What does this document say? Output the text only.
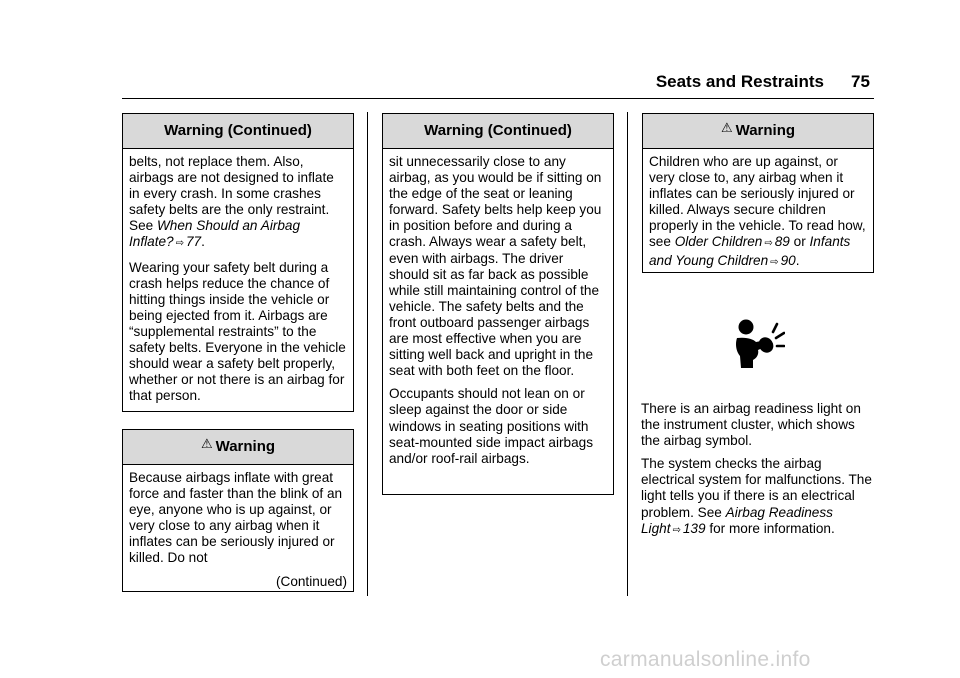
Seats and Restraints 75
Warning (Continued)

belts, not replace them. Also, airbags are not designed to inflate in every crash. In some crashes safety belts are the only restraint. See When Should an Airbag Inflate? ⇨ 77.

Wearing your safety belt during a crash helps reduce the chance of hitting things inside the vehicle or being ejected from it. Airbags are “supplemental restraints” to the safety belts. Everyone in the vehicle should wear a safety belt properly, whether or not there is an airbag for that person.

⚠ Warning

Because airbags inflate with great force and faster than the blink of an eye, anyone who is up against, or very close to any airbag when it inflates can be seriously injured or killed. Do not

(Continued)
Warning (Continued)

sit unnecessarily close to any airbag, as you would be if sitting on the edge of the seat or leaning forward. Safety belts help keep you in position before and during a crash. Always wear a safety belt, even with airbags. The driver should sit as far back as possible while still maintaining control of the vehicle. The safety belts and the front outboard passenger airbags are most effective when you are sitting well back and upright in the seat with both feet on the floor.

Occupants should not lean on or sleep against the door or side windows in seating positions with seat-mounted side impact airbags and/or roof-rail airbags.

⚠ Warning

Children who are up against, or very close to, any airbag when it inflates can be seriously injured or killed. Always secure children properly in the vehicle. To read how, see Older Children ⇨ 89 or Infants and Young Children ⇨ 90.

There is an airbag readiness light on the instrument cluster, which shows the airbag symbol.

The system checks the airbag electrical system for malfunctions. The light tells you if there is an electrical problem. See Airbag Readiness Light ⇨ 139 for more information.

carmanualsonline.info
